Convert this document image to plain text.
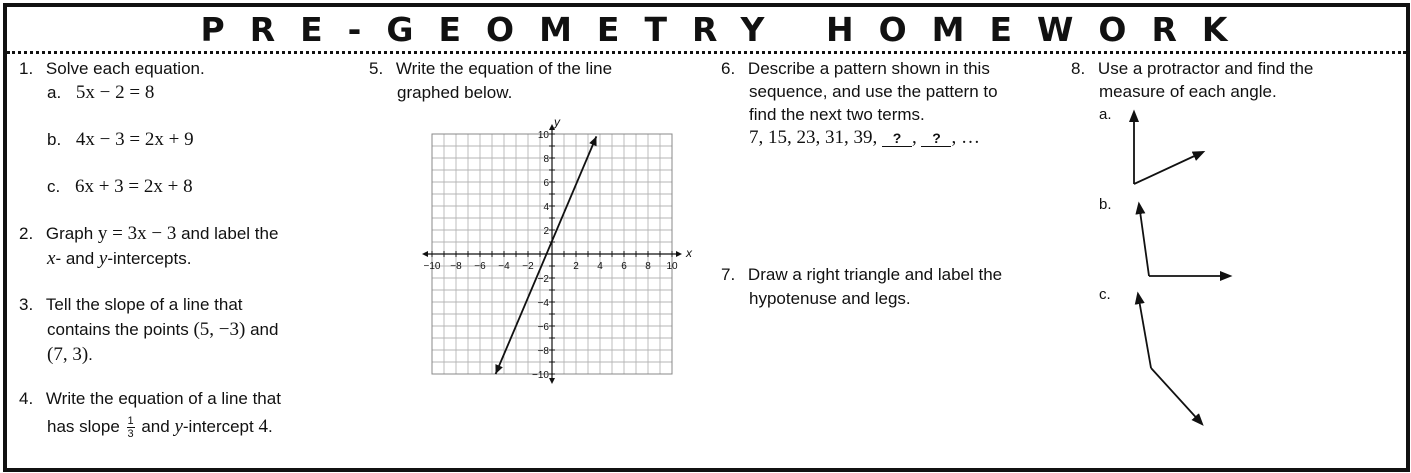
PRE-GEOMETRY HOMEWORK
1. Solve each equation.
a. 5x − 2 = 8
b. 4x − 3 = 2x + 9
c. 6x + 3 = 2x + 8
2. Graph y = 3x − 3 and label the
x- and y-intercepts.
3. Tell the slope of a line that
contains the points (5, −3) and
(7, 3).
4. Write the equation of a line that
has slope $\frac{1}{3}$ and y-intercept 4.
5. Write the equation of the line
graphed below.
−10 −8 −6 −4 −2	2 4 6 8 10
10
8
6
4
2
−2
−4
−6
−8
−10
x
y
6. Describe a pattern shown in this
sequence, and use the pattern to
find the next two terms.
7, 15, 23, 31, 39, ? , ? , …
7. Draw a right triangle and label the
hypotenuse and legs.
8. Use a protractor and find the
measure of each angle.
a.
b.
c.
